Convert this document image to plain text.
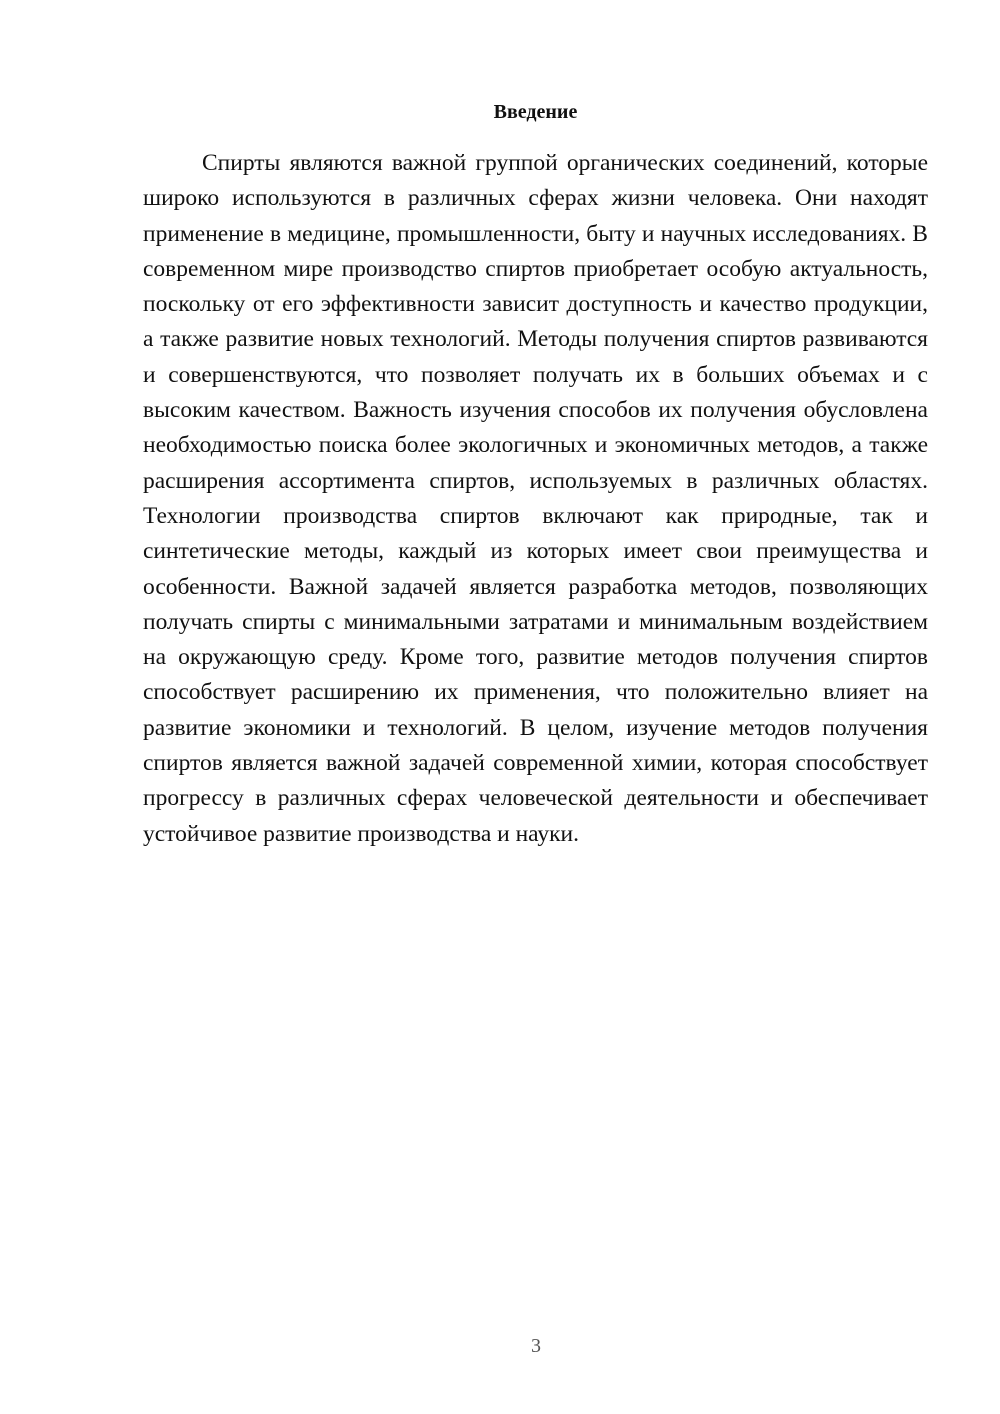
Введение

Спирты являются важной группой органических соединений, которые широко используются в различных сферах жизни человека. Они находят применение в медицине, промышленности, быту и научных исследованиях. В современном мире производство спиртов приобретает особую актуальность, поскольку от его эффективности зависит доступность и качество продукции, а также развитие новых технологий. Методы получения спиртов развиваются и совершенствуются, что позволяет получать их в больших объемах и с высоким качеством. Важность изучения способов их получения обусловлена необходимостью поиска более экологичных и экономичных методов, а также расширения ассортимента спиртов, используемых в различных областях. Технологии производства спиртов включают как природные, так и синтетические методы, каждый из которых имеет свои преимущества и особенности. Важной задачей является разработка методов, позволяющих получать спирты с минимальными затратами и минимальным воздействием на окружающую среду. Кроме того, развитие методов получения спиртов способствует расширению их применения, что положительно влияет на развитие экономики и технологий. В целом, изучение методов получения спиртов является важной задачей современной химии, которая способствует прогрессу в различных сферах человеческой деятельности и обеспечивает устойчивое развитие производства и науки.

3
